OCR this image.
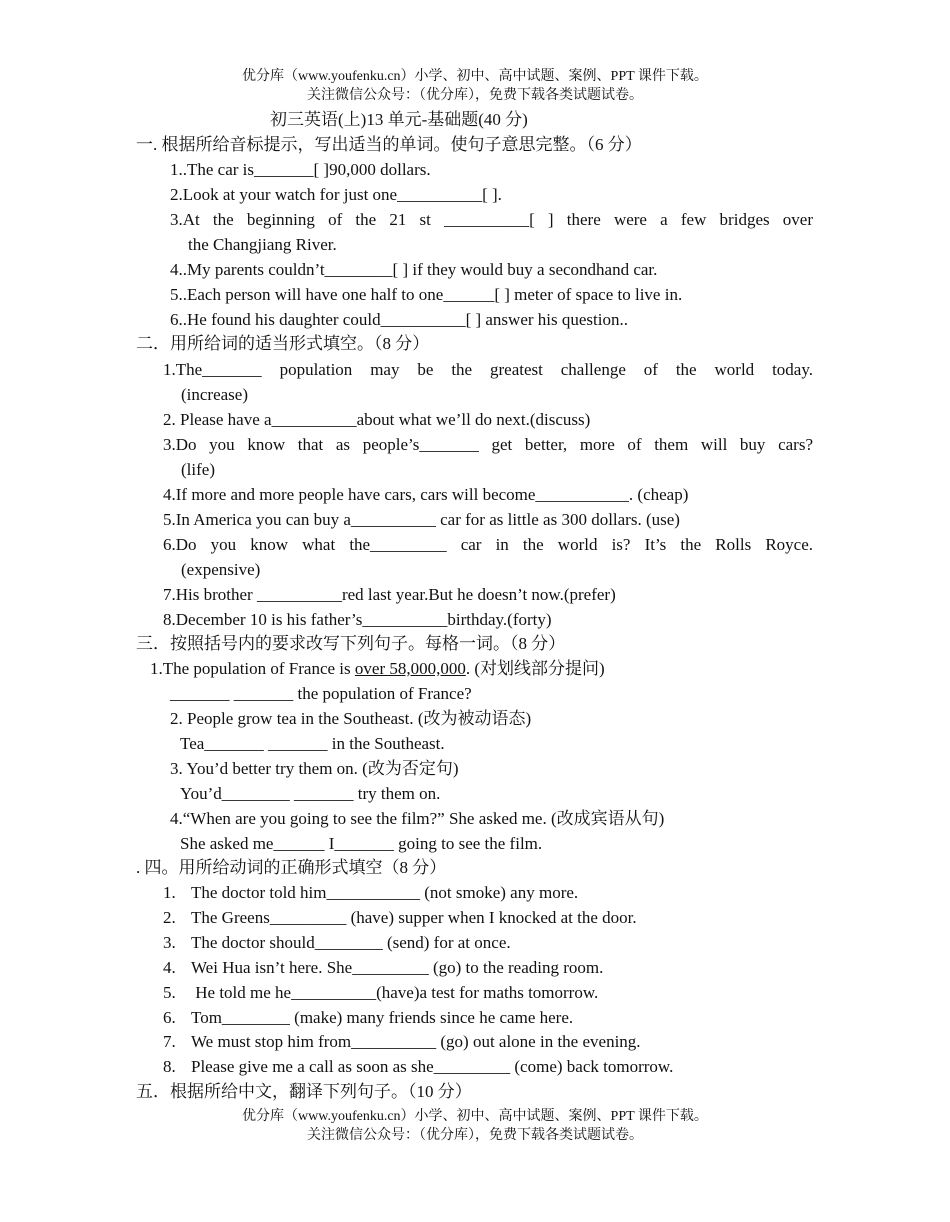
优分库（www.youfenku.cn）小学、初中、高中试题、案例、PPT 课件下载。
关注微信公众号：（优分库），免费下载各类试题试卷。
初三英语(上)13 单元-基础题(40 分)
一. 根据所给音标提示，写出适当的单词。使句子意思完整。（6 分）
1..The car is_______[ ]90,000 dollars.
2.Look at your watch for just one__________[ ].
3.At the beginning of the 21 st __________[ ] there were a few bridges over
the Changjiang River.
4..My parents couldn’t________[ ] if they would buy a secondhand car.
5..Each person will have one half to one______[ ] meter of space to live in.
6..He found his daughter could__________[ ] answer his question..
二．用所给词的适当形式填空。（8 分）
1.The_______ population may be the greatest challenge of the world today.
(increase)
2. Please have a__________about what we’ll do next.(discuss)
3.Do you know that as people’s_______ get better, more of them will buy cars?
(life)
4.If more and more people have cars, cars will become___________. (cheap)
5.In America you can buy a__________ car for as little as 300 dollars. (use)
6.Do you know what the_________ car in the world is? It’s the Rolls Royce.
(expensive)
7.His brother __________red last year.But he doesn’t now.(prefer)
8.December 10 is his father’s__________birthday.(forty)
三．按照括号内的要求改写下列句子。每格一词。（8 分）
1.The population of France is over 58,000,000. (对划线部分提问)
_______ _______ the population of France?
2. People grow tea in the Southeast. (改为被动语态)
Tea_______ _______ in the Southeast.
3. You’d better try them on. (改为否定句)
You’d________ _______ try them on.
4.“When are you going to see the film?” She asked me. (改成宾语从句)
She asked me______ I_______ going to see the film.
. 四。用所给动词的正确形式填空（8 分）
1. The doctor told him___________ (not smoke) any more.
2. The Greens_________ (have) supper when I knocked at the door.
3. The doctor should________ (send) for at once.
4. Wei Hua isn’t here. She_________ (go) to the reading room.
5. He told me he__________(have)a test for maths tomorrow.
6. Tom________ (make) many friends since he came here.
7. We must stop him from__________ (go) out alone in the evening.
8. Please give me a call as soon as she_________ (come) back tomorrow.
五．根据所给中文，翻译下列句子。（10 分）
优分库（www.youfenku.cn）小学、初中、高中试题、案例、PPT 课件下载。
关注微信公众号：（优分库），免费下载各类试题试卷。
